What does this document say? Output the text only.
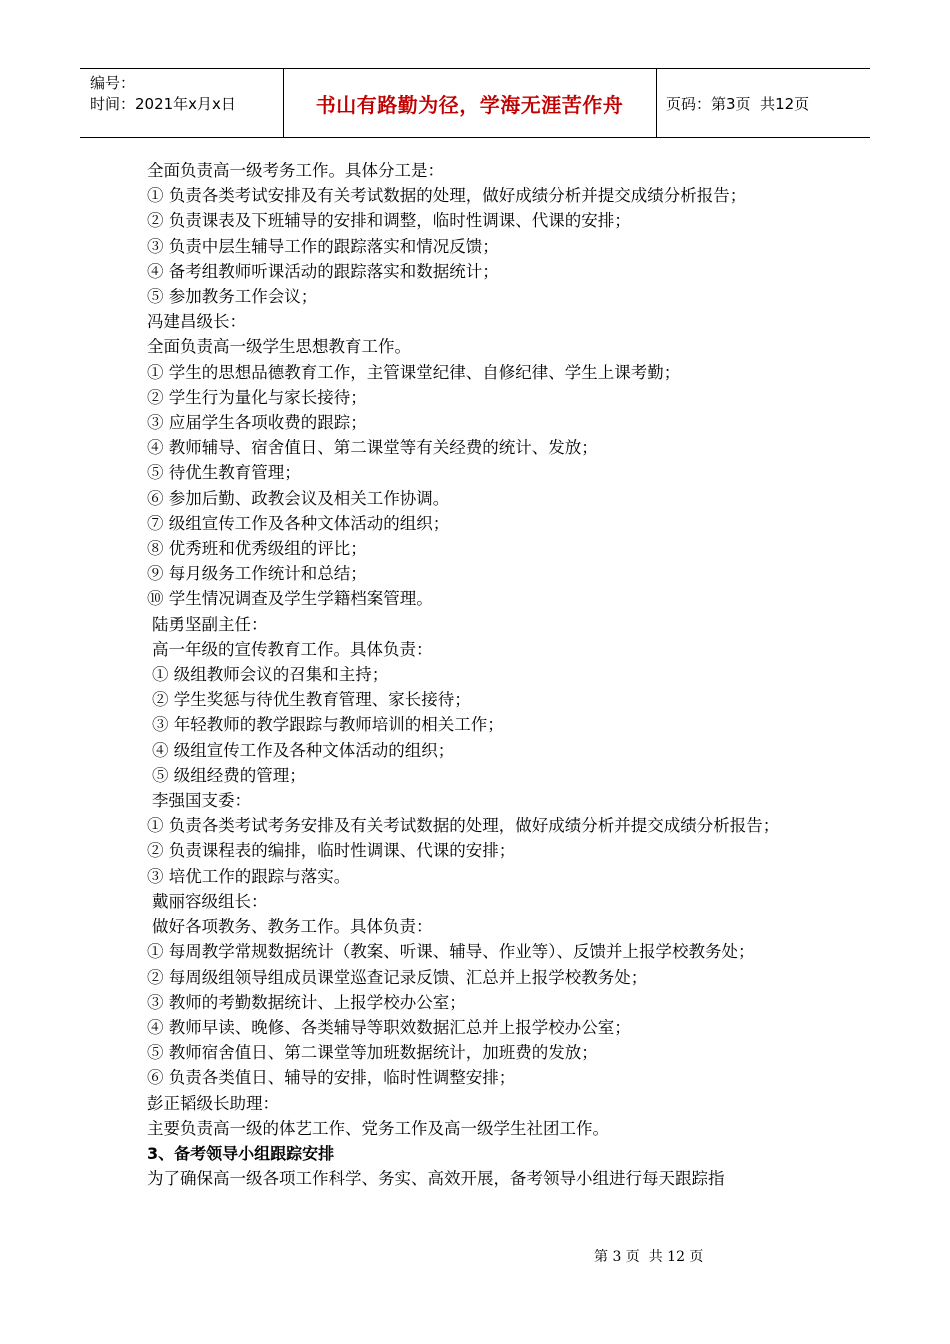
编号：
时间：2021年x月x日	书山有路勤为径，学海无涯苦作舟	页码：第3页  共12页
全面负责高一级考务工作。具体分工是：
① 负责各类考试安排及有关考试数据的处理，做好成绩分析并提交成绩分析报告；
② 负责课表及下班辅导的安排和调整，临时性调课、代课的安排；
③ 负责中层生辅导工作的跟踪落实和情况反馈；
④ 备考组教师听课活动的跟踪落实和数据统计；
⑤ 参加教务工作会议；
冯建昌级长：
全面负责高一级学生思想教育工作。
① 学生的思想品德教育工作，主管课堂纪律、自修纪律、学生上课考勤；
② 学生行为量化与家长接待；
③ 应届学生各项收费的跟踪；
④ 教师辅导、宿舍值日、第二课堂等有关经费的统计、发放；
⑤ 待优生教育管理；
⑥ 参加后勤、政教会议及相关工作协调。
⑦ 级组宣传工作及各种文体活动的组织；
⑧ 优秀班和优秀级组的评比；
⑨ 每月级务工作统计和总结；
⑩ 学生情况调查及学生学籍档案管理。
陆勇坚副主任：
高一年级的宣传教育工作。具体负责：
① 级组教师会议的召集和主持；
② 学生奖惩与待优生教育管理、家长接待；
③ 年轻教师的教学跟踪与教师培训的相关工作；
④ 级组宣传工作及各种文体活动的组织；
⑤ 级组经费的管理；
李强国支委：
① 负责各类考试考务安排及有关考试数据的处理，做好成绩分析并提交成绩分析报告；
② 负责课程表的编排，临时性调课、代课的安排；
③ 培优工作的跟踪与落实。
戴丽容级组长：
做好各项教务、教务工作。具体负责：
① 每周教学常规数据统计（教案、听课、辅导、作业等）、反馈并上报学校教务处；
② 每周级组领导组成员课堂巡查记录反馈、汇总并上报学校教务处；
③ 教师的考勤数据统计、上报学校办公室；
④ 教师早读、晚修、各类辅导等职效数据汇总并上报学校办公室；
⑤ 教师宿舍值日、第二课堂等加班数据统计，加班费的发放；
⑥ 负责各类值日、辅导的安排，临时性调整安排；
彭正韬级长助理：
主要负责高一级的体艺工作、党务工作及高一级学生社团工作。
3、备考领导小组跟踪安排
为了确保高一级各项工作科学、务实、高效开展，备考领导小组进行每天跟踪指
第 3 页  共 12 页
